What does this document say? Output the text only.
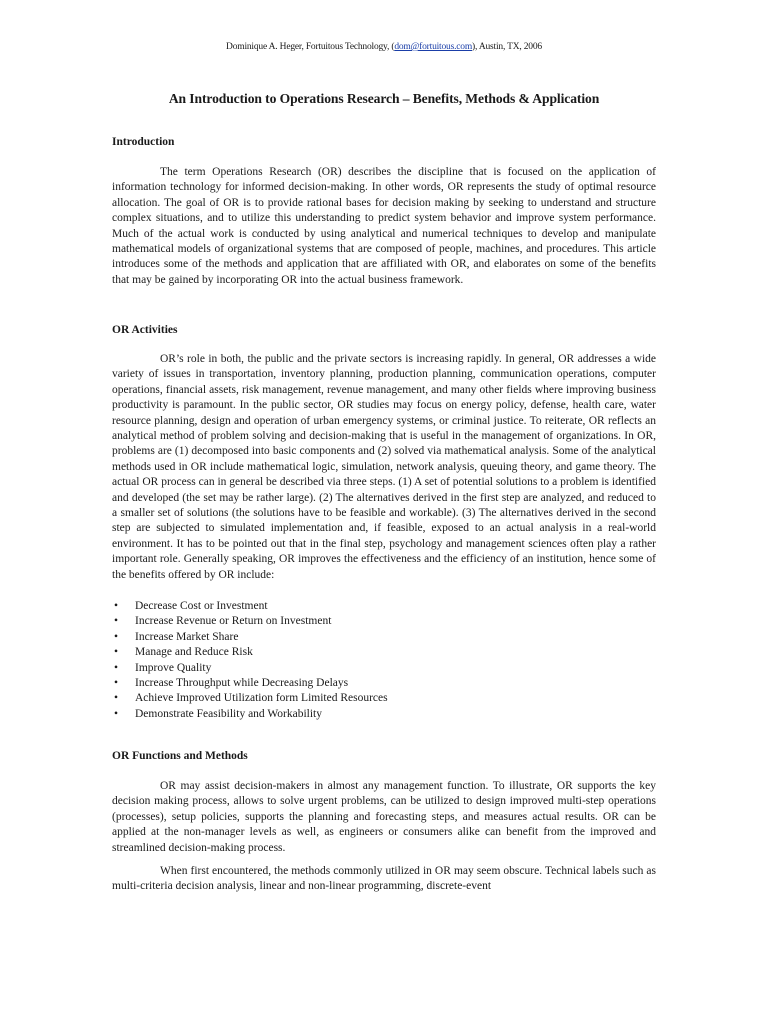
Dominique A. Heger, Fortuitous Technology, (dom@fortuitous.com), Austin, TX, 2006
An Introduction to Operations Research – Benefits, Methods & Application
Introduction

The term Operations Research (OR) describes the discipline that is focused on the application of information technology for informed decision-making. In other words, OR represents the study of optimal resource allocation. The goal of OR is to provide rational bases for decision making by seeking to understand and structure complex situations, and to utilize this understanding to predict system behavior and improve system performance. Much of the actual work is conducted by using analytical and numerical techniques to develop and manipulate mathematical models of organizational systems that are composed of people, machines, and procedures. This article introduces some of the methods and application that are affiliated with OR, and elaborates on some of the benefits that may be gained by incorporating OR into the actual business framework.

OR Activities

OR’s role in both, the public and the private sectors is increasing rapidly. In general, OR addresses a wide variety of issues in transportation, inventory planning, production planning, communication operations, computer operations, financial assets, risk management, revenue management, and many other fields where improving business productivity is paramount. In the public sector, OR studies may focus on energy policy, defense, health care, water resource planning, design and operation of urban emergency systems, or criminal justice. To reiterate, OR reflects an analytical method of problem solving and decision-making that is useful in the management of organizations. In OR, problems are (1) decomposed into basic components and (2) solved via mathematical analysis. Some of the analytical methods used in OR include mathematical logic, simulation, network analysis, queuing theory, and game theory. The actual OR process can in general be described via three steps. (1) A set of potential solutions to a problem is identified and developed (the set may be rather large). (2) The alternatives derived in the first step are analyzed, and reduced to a smaller set of solutions (the solutions have to be feasible and workable). (3) The alternatives derived in the second step are subjected to simulated implementation and, if feasible, exposed to an actual analysis in a real-world environment. It has to be pointed out that in the final step, psychology and management sciences often play a rather important role. Generally speaking, OR improves the effectiveness and the efficiency of an institution, hence some of the benefits offered by OR include:

• Decrease Cost or Investment
• Increase Revenue or Return on Investment
• Increase Market Share
• Manage and Reduce Risk
• Improve Quality
• Increase Throughput while Decreasing Delays
• Achieve Improved Utilization form Limited Resources
• Demonstrate Feasibility and Workability
OR Functions and Methods

OR may assist decision-makers in almost any management function. To illustrate, OR supports the key decision making process, allows to solve urgent problems, can be utilized to design improved multi-step operations (processes), setup policies, supports the planning and forecasting steps, and measures actual results. OR can be applied at the non-manager levels as well, as engineers or consumers alike can benefit from the improved and streamlined decision-making process.

When first encountered, the methods commonly utilized in OR may seem obscure. Technical labels such as multi-criteria decision analysis, linear and non-linear programming, discrete-event
